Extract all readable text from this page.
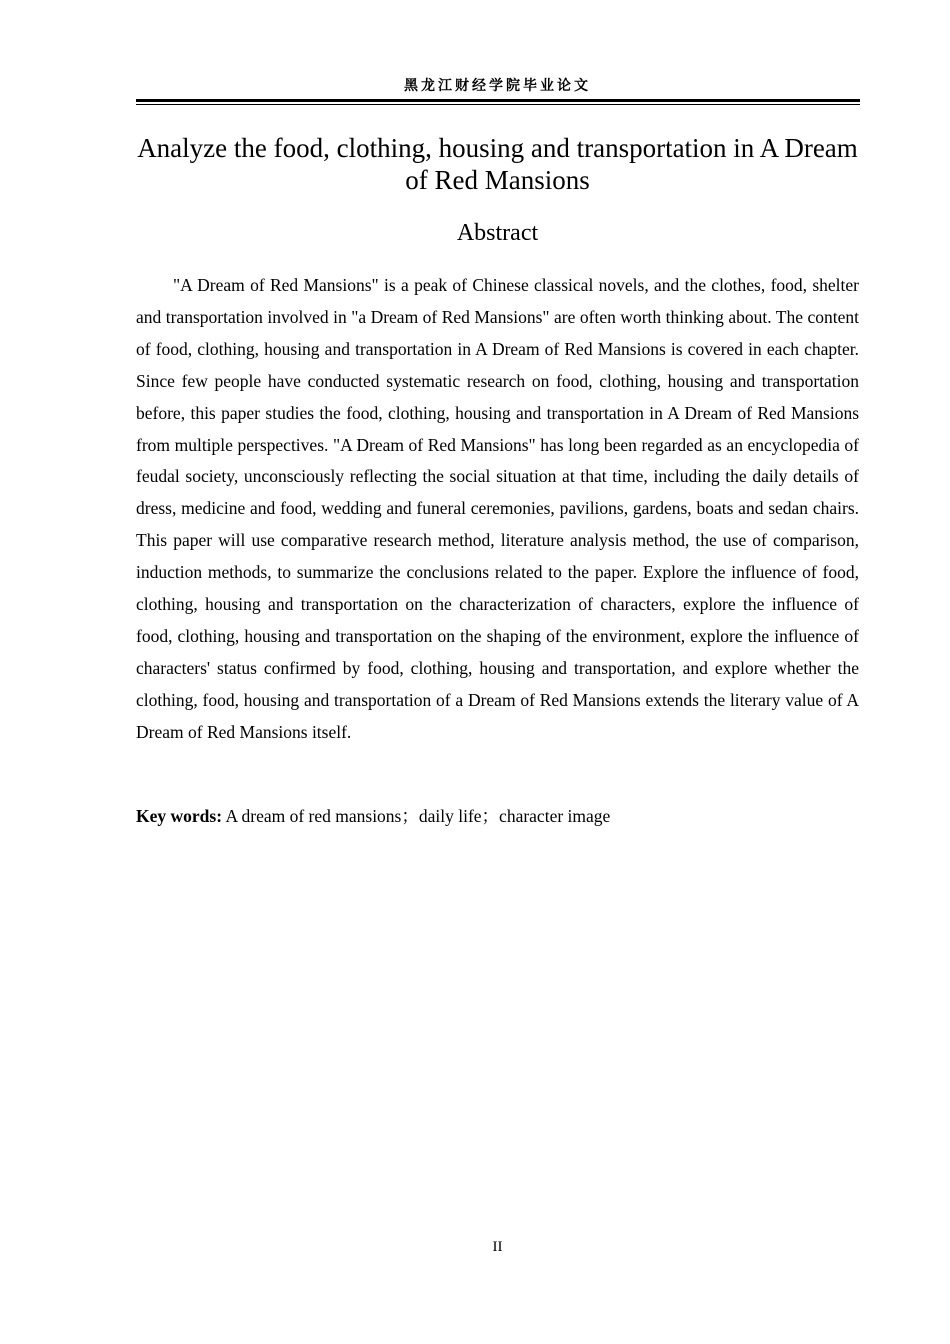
黑龙江财经学院毕业论文
Analyze the food, clothing, housing and transportation in A Dream of Red Mansions
Abstract

"A Dream of Red Mansions" is a peak of Chinese classical novels, and the clothes, food, shelter and transportation involved in "a Dream of Red Mansions" are often worth thinking about. The content of food, clothing, housing and transportation in A Dream of Red Mansions is covered in each chapter. Since few people have conducted systematic research on food, clothing, housing and transportation before, this paper studies the food, clothing, housing and transportation in A Dream of Red Mansions from multiple perspectives. "A Dream of Red Mansions" has long been regarded as an encyclopedia of feudal society, unconsciously reflecting the social situation at that time, including the daily details of dress, medicine and food, wedding and funeral ceremonies, pavilions, gardens, boats and sedan chairs. This paper will use comparative research method, literature analysis method, the use of comparison, induction methods, to summarize the conclusions related to the paper. Explore the influence of food, clothing, housing and transportation on the characterization of characters, explore the influence of food, clothing, housing and transportation on the shaping of the environment, explore the influence of characters' status confirmed by food, clothing, housing and transportation, and explore whether the clothing, food, housing and transportation of a Dream of Red Mansions extends the literary value of A Dream of Red Mansions itself.

Key words: A dream of red mansions；daily life；character image

II
